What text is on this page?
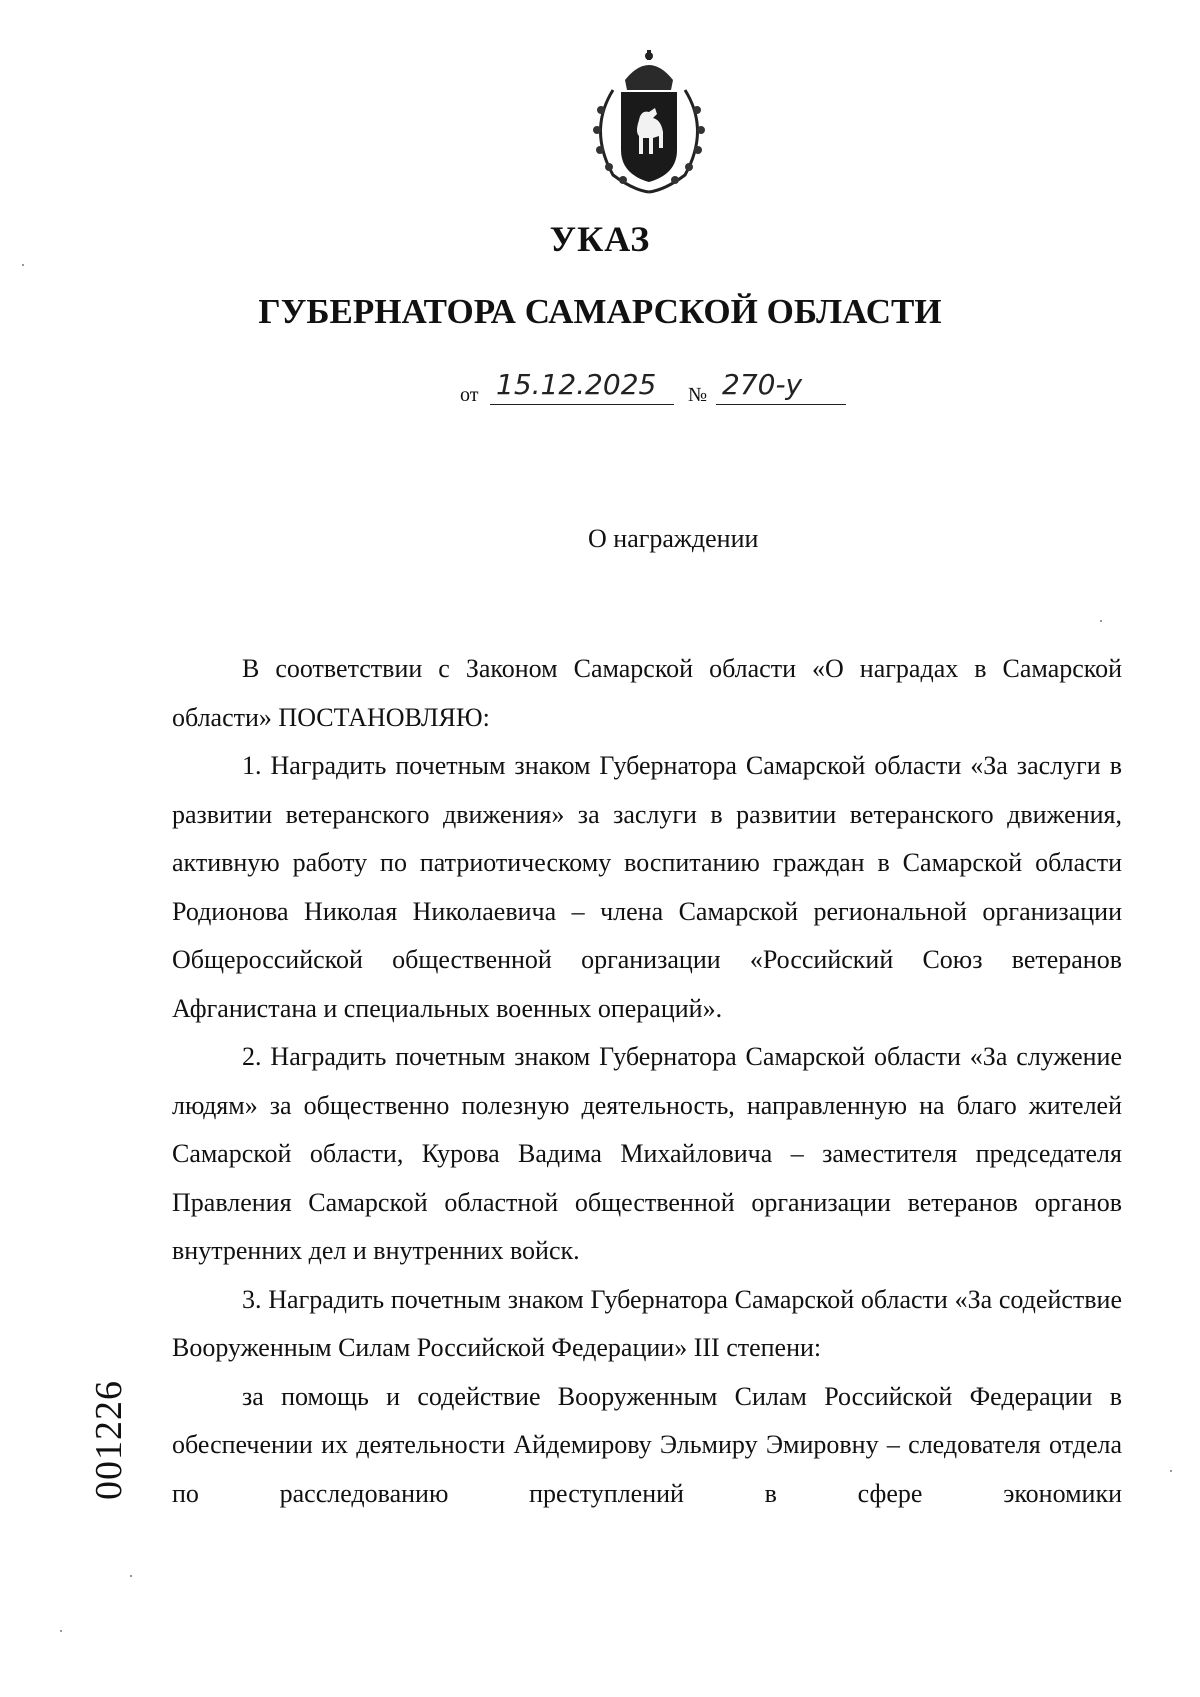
УКАЗ
ГУБЕРНАТОРА САМАРСКОЙ ОБЛАСТИ
от 15.12.2025	№ 270-у
О награждении

В соответствии с Законом Самарской области «О наградах в Самарской области» ПОСТАНОВЛЯЮ:

1. Наградить почетным знаком Губернатора Самарской области «За заслуги в развитии ветеранского движения» за заслуги в развитии ветеранского движения, активную работу по патриотическому воспитанию граждан в Самарской области Родионова Николая Николаевича – члена Самарской региональной организации Общероссийской общественной организации «Российский Союз ветеранов Афганистана и специальных военных операций».

2. Наградить почетным знаком Губернатора Самарской области «За служение людям» за общественно полезную деятельность, направленную на благо жителей Самарской области, Курова Вадима Михайловича – заместителя председателя Правления Самарской областной общественной организации ветеранов органов внутренних дел и внутренних войск.

3. Наградить почетным знаком Губернатора Самарской области «За содействие Вооруженным Силам Российской Федерации» III степени:

за помощь и содействие Вооруженным Силам Российской Федерации в обеспечении их деятельности Айдемирову Эльмиру Эмировну – следователя отдела по расследованию преступлений в сфере экономики

001226
